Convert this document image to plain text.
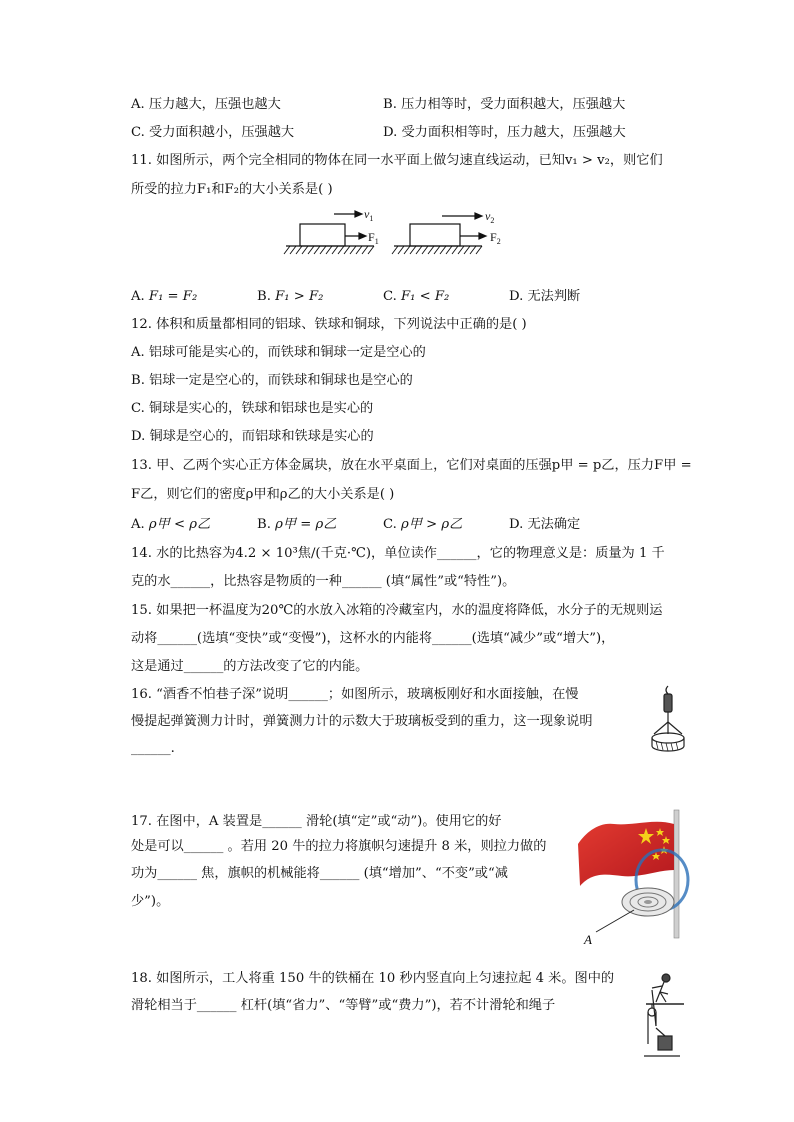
A. 压力越大，压强也越大	B. 压力相等时，受力面积越大，压强越大
C. 受力面积越小，压强越大	D. 受力面积相等时，压力越大，压强越大
11. 如图所示，两个完全相同的物体在同一水平面上做匀速直线运动，已知v₁ > v₂，则它们
所受的拉力F₁和F₂的大小关系是( )
$v_1$	$v_2$
$F_1$	$F_2$
A. F₁ = F₂	B. F₁ > F₂	C. F₁ < F₂	D. 无法判断
12. 体积和质量都相同的铝球、铁球和铜球，下列说法中正确的是( )
A. 铝球可能是实心的，而铁球和铜球一定是空心的
B. 铝球一定是空心的，而铁球和铜球也是空心的
C. 铜球是实心的，铁球和铝球也是实心的
D. 铜球是空心的，而铝球和铁球是实心的
13. 甲、乙两个实心正方体金属块，放在水平桌面上，它们对桌面的压强p甲 = p乙，压力F甲 =
F乙，则它们的密度ρ甲和ρ乙的大小关系是( )
A. ρ甲 < ρ乙	B. ρ甲 = ρ乙	C. ρ甲 > ρ乙	D. 无法确定
14. 水的比热容为4.2 × 10³焦/(千克·℃)，单位读作______，它的物理意义是：质量为 1 千
克的水______，比热容是物质的一种______ (填“属性”或“特性”)。
15. 如果把一杯温度为20℃的水放入冰箱的冷藏室内，水的温度将降低，水分子的无规则运
动将______(选填“变快”或“变慢”)，这杯水的内能将______(选填“减少”或“增大”)，
这是通过______的方法改变了它的内能。
16. “酒香不怕巷子深”说明______；如图所示，玻璃板刚好和水面接触，在慢
慢提起弹簧测力计时，弹簧测力计的示数大于玻璃板受到的重力，这一现象说明
______.
17. 在图中，A 装置是______ 滑轮(填“定”或“动”)。使用它的好
处是可以______ 。若用 20 牛的拉力将旗帜匀速提升 8 米，则拉力做的
功为______ 焦，旗帜的机械能将______ (填“增加”、“不变”或“减
少”)。
A
18. 如图所示，工人将重 150 牛的铁桶在 10 秒内竖直向上匀速拉起 4 米。图中的
滑轮相当于______ 杠杆(填“省力”、“等臂”或“费力”)，若不计滑轮和绳子
